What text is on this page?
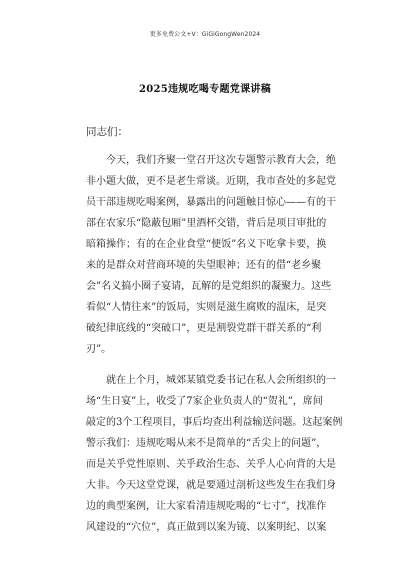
更多免费公文+V：GiGiGongWen2024
2025违规吃喝专题党课讲稿
同志们：
今天，我们齐聚一堂召开这次专题警示教育大会，绝
非小题大做，更不是老生常谈。近期，我市查处的多起党
员干部违规吃喝案例，暴露出的问题触目惊心——有的干
部在农家乐“隐蔽包厢”里酒杯交错，背后是项目审批的
暗箱操作；有的在企业食堂“便饭”名义下吃拿卡要，换
来的是群众对营商环境的失望眼神；还有的借“老乡聚
会”名义搞小圈子宴请，瓦解的是党组织的凝聚力。这些
看似“人情往来”的饭局，实则是滋生腐败的温床，是突
破纪律底线的“突破口”，更是割裂党群干群关系的“利
刃”。
就在上个月，城郊某镇党委书记在私人会所组织的一
场“生日宴”上，收受了7家企业负责人的“贺礼”，席间
敲定的3个工程项目，事后均查出利益输送问题。这起案例
警示我们：违规吃喝从来不是简单的“舌尖上的问题”，
而是关乎党性原则、关乎政治生态、关乎人心向背的大是
大非。今天这堂党课，就是要通过剖析这些发生在我们身
边的典型案例，让大家看清违规吃喝的“七寸”，找准作
风建设的“穴位”，真正做到以案为镜、以案明纪、以案
